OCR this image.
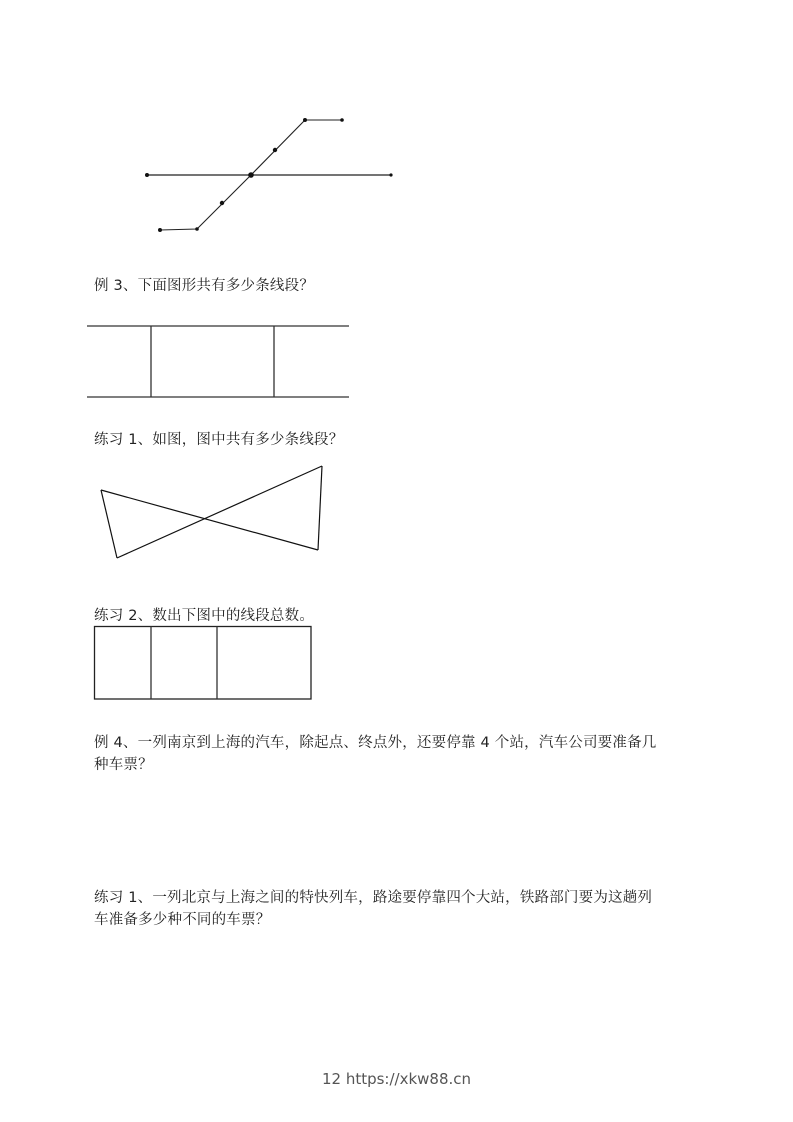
例 3、下面图形共有多少条线段？
练习 1、如图，图中共有多少条线段？
练习 2、数出下图中的线段总数。
例 4、一列南京到上海的汽车，除起点、终点外，还要停靠 4 个站，汽车公司要准备几
种车票？
练习 1、一列北京与上海之间的特快列车，路途要停靠四个大站，铁路部门要为这趟列
车准备多少种不同的车票？
12 https://xkw88.cn
